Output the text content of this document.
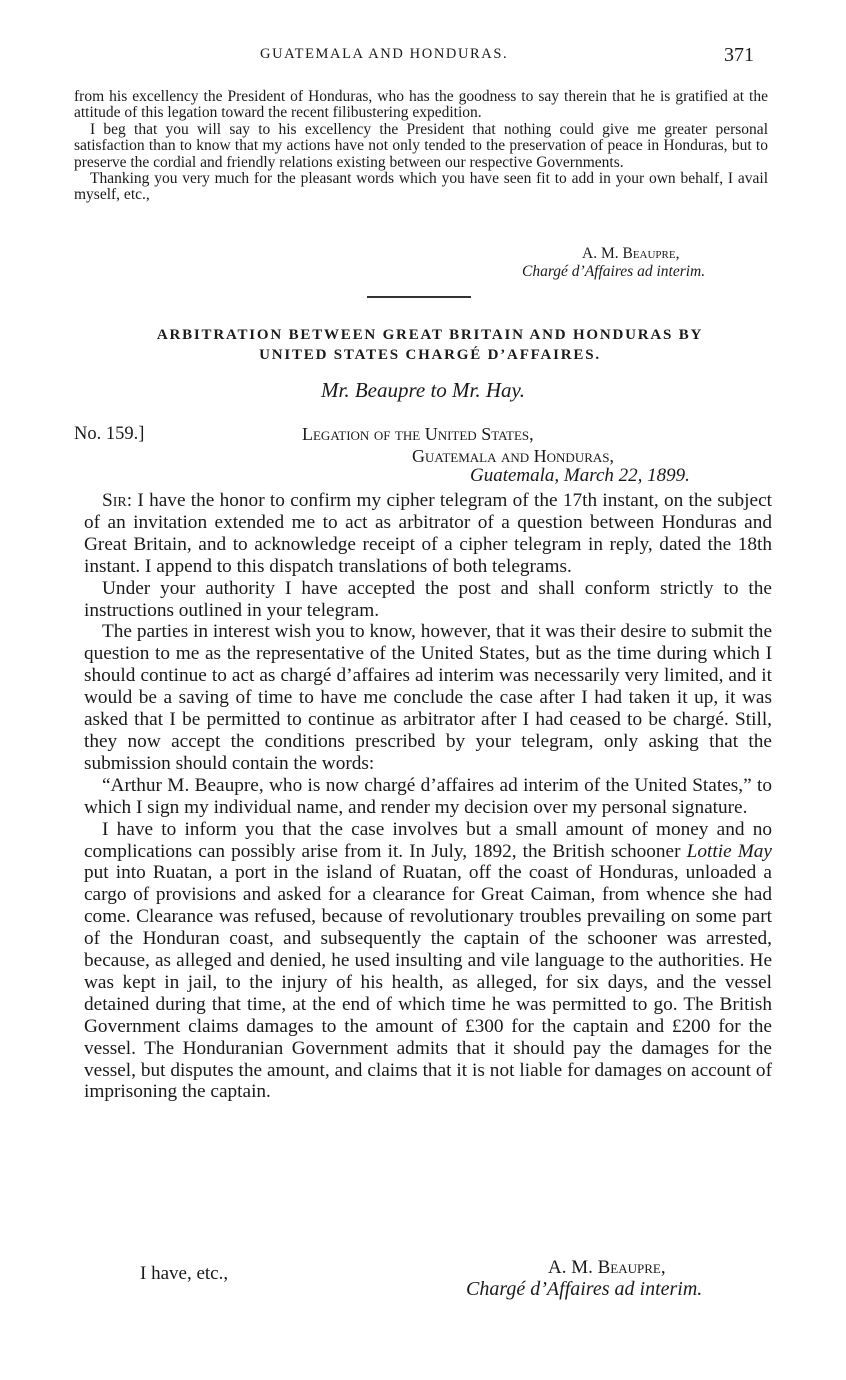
GUATEMALA AND HONDURAS.	371

from his excellency the President of Honduras, who has the goodness to say therein that he is gratified at the attitude of this legation toward the recent filibustering expedition.

I beg that you will say to his excellency the President that nothing could give me greater personal satisfaction than to know that my actions have not only tended to the preservation of peace in Honduras, but to preserve the cordial and friendly relations existing between our respective Governments.

Thanking you very much for the pleasant words which you have seen fit to add in your own behalf, I avail myself, etc.,

A. M. Beaupre,
Chargé d’Affaires ad interim.
ARBITRATION BETWEEN GREAT BRITAIN AND HONDURAS BY
UNITED STATES CHARGÉ D’AFFAIRES.
Mr. Beaupre to Mr. Hay.
No. 159.]	Legation of the United States,
Guatemala and Honduras,
Guatemala, March 22, 1899.

Sir: I have the honor to confirm my cipher telegram of the 17th instant, on the subject of an invitation extended me to act as arbitrator of a question between Honduras and Great Britain, and to acknowledge receipt of a cipher telegram in reply, dated the 18th instant. I append to this dispatch translations of both telegrams.

Under your authority I have accepted the post and shall conform strictly to the instructions outlined in your telegram.

The parties in interest wish you to know, however, that it was their desire to submit the question to me as the representative of the United States, but as the time during which I should continue to act as chargé d’affaires ad interim was necessarily very limited, and it would be a saving of time to have me conclude the case after I had taken it up, it was asked that I be permitted to continue as arbitrator after I had ceased to be chargé. Still, they now accept the conditions prescribed by your telegram, only asking that the submission should contain the words:

“Arthur M. Beaupre, who is now chargé d’affaires ad interim of the United States,” to which I sign my individual name, and render my decision over my personal signature.

I have to inform you that the case involves but a small amount of money and no complications can possibly arise from it. In July, 1892, the British schooner Lottie May put into Ruatan, a port in the island of Ruatan, off the coast of Honduras, unloaded a cargo of provisions and asked for a clearance for Great Caiman, from whence she had come. Clearance was refused, because of revolutionary troubles prevailing on some part of the Honduran coast, and subsequently the captain of the schooner was arrested, because, as alleged and denied, he used insulting and vile language to the authorities. He was kept in jail, to the injury of his health, as alleged, for six days, and the vessel detained during that time, at the end of which time he was permitted to go. The British Government claims damages to the amount of £300 for the captain and £200 for the vessel. The Honduranian Government admits that it should pay the damages for the vessel, but disputes the amount, and claims that it is not liable for damages on account of imprisoning the captain.

I have, etc.,	A. M. Beaupre,
Chargé d’Affaires ad interim.
